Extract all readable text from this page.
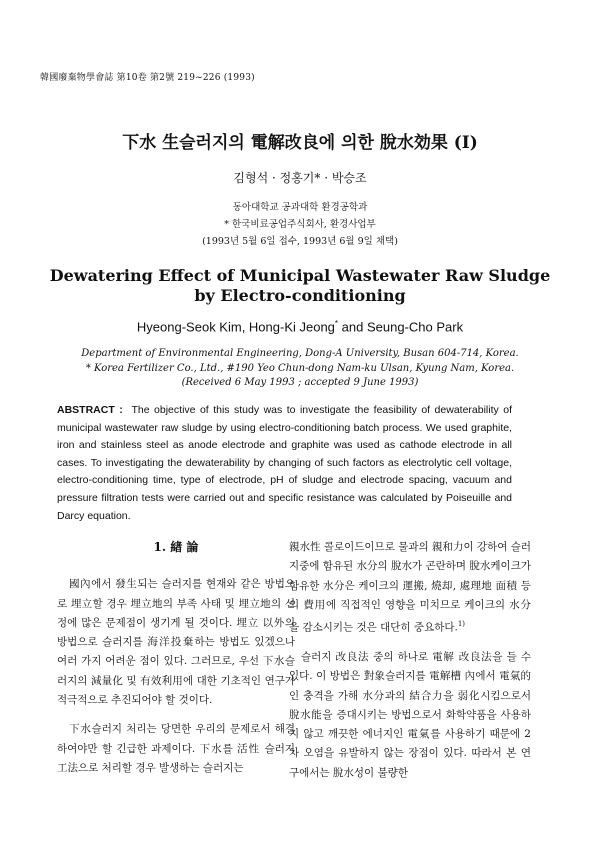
韓國廢棄物學會誌 第10卷 第2號 219~226 (1993)
下水 生슬러지의 電解改良에 의한 脫水効果 (I)
김형석 · 정홍기* · 박승조
동아대학교 공과대학 환경공학과
* 한국비료공업주식회사, 환경사업부
(1993년 5월 6일 접수, 1993년 6월 9일 채택)
Dewatering Effect of Municipal Wastewater Raw Sludge
by Electro-conditioning
Hyeong-Seok Kim, Hong-Ki Jeong* and Seung-Cho Park
Department of Environmental Engineering, Dong-A University, Busan 604-714, Korea.
* Korea Fertilizer Co., Ltd., #190 Yeo Chun-dong Nam-ku Ulsan, Kyung Nam, Korea.
(Received 6 May 1993 ; accepted 9 June 1993)
ABSTRACT : The objective of this study was to investigate the feasibility of dewaterability of municipal wastewater raw sludge by using electro-conditioning batch process. We used graphite, iron and stainless steel as anode electrode and graphite was used as cathode electrode in all cases. To investigating the dewaterability by changing of such factors as electrolytic cell voltage, electro-conditioning time, type of electrode, pH of sludge and electrode spacing, vacuum and pressure filtration tests were carried out and specific resistance was calculated by Poiseuille and Darcy equation.
1. 緖 論

國內에서 發生되는 슬러지를 현재와 같은 방법으로 埋立할 경우 埋立地의 부족 사태 및 埋立地의 선정에 많은 문제점이 생기게 될 것이다. 埋立 以外의 방법으로 슬러지를 海洋投棄하는 방법도 있겠으나 여러 가지 어려운 점이 있다. 그러므로, 우선 下水슬러지의 減量化 및 有效利用에 대한 기초적인 연구가 적극적으로 추진되어야 할 것이다.

下水슬러지 처리는 당면한 우리의 문제로서 해결하여야만 할 긴급한 과제이다. 下水를 活性 슬러지 工法으로 처리할 경우 발생하는 슬러지는

親水性 콜로이드이므로 물과의 親和力이 강하여 슬러지중에 함유된 水分의 脫水가 곤란하며 脫水케이크가 함유한 水分은 케이크의 運搬, 燒却, 處理地 面積 등의 費用에 직접적인 영향을 미치므로 케이크의 水分을 감소시키는 것은 대단히 중요하다.$^{1)}$

슬러지 改良法 중의 하나로 電解 改良法을 들 수 있다. 이 방법은 對象슬러지를 電解槽 內에서 電氣的인 충격을 가해 水分과의 結合力을 弱化시킴으로서 脫水能을 증대시키는 방법으로서 화학약품을 사용하지 않고 깨끗한 에너지인 電氣를 사용하기 때문에 2차 오염을 유발하지 않는 장점이 있다. 따라서 본 연구에서는 脫水성이 불량한
